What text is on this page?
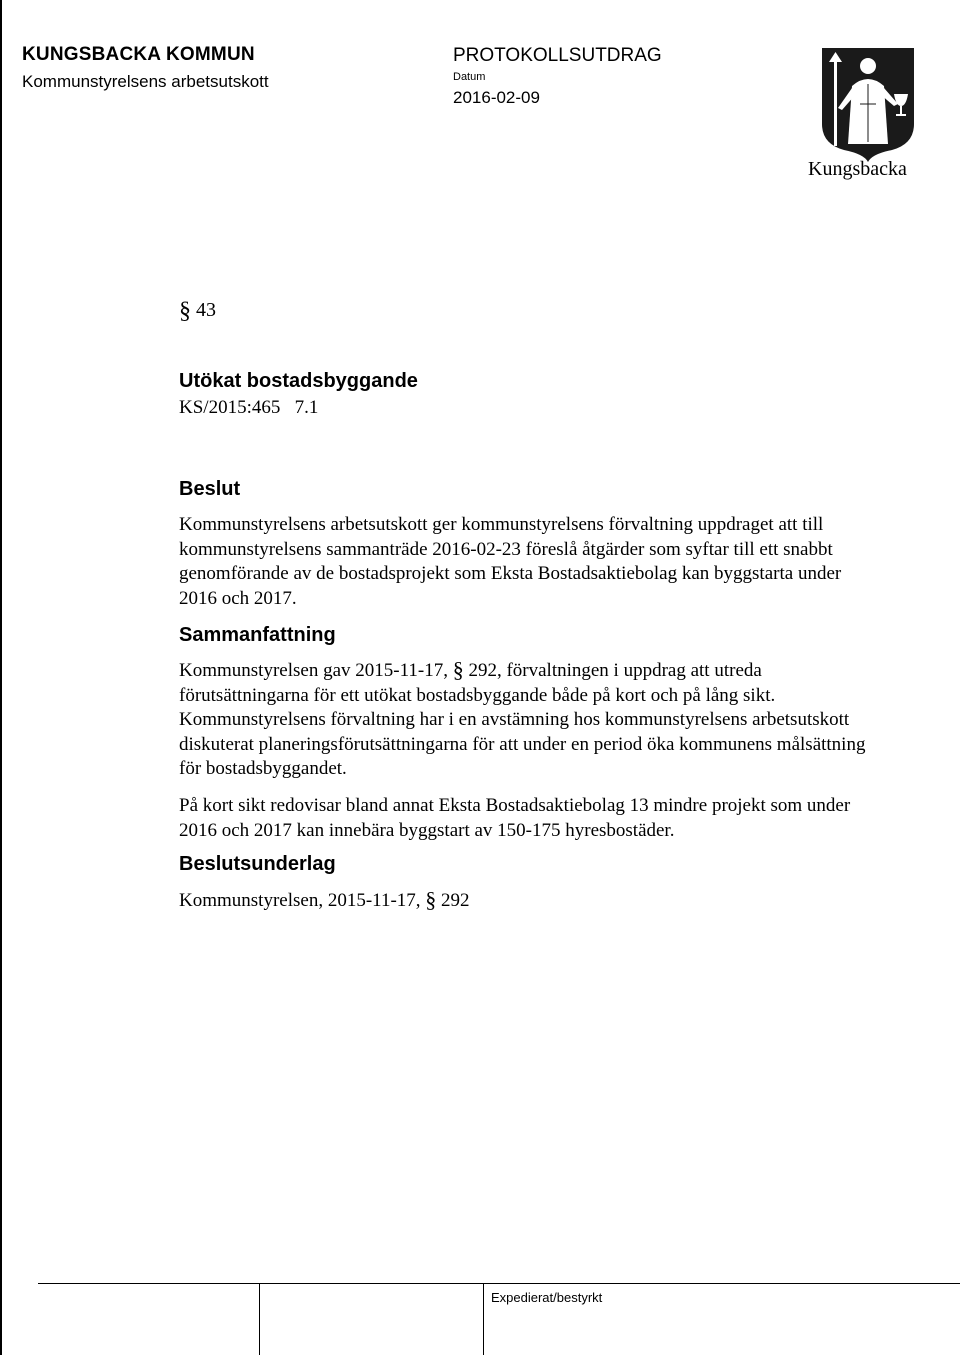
KUNGSBACKA KOMMUN
Kommunstyrelsens arbetsutskott
PROTOKOLLSUTDRAG
Datum
2016-02-09
Kungsbacka
§ 43
Utökat bostadsbyggande
KS/2015:465   7.1
Beslut
Kommunstyrelsens arbetsutskott ger kommunstyrelsens förvaltning uppdraget att till kommunstyrelsens sammanträde 2016-02-23 föreslå åtgärder som syftar till ett snabbt genomförande av de bostadsprojekt som Eksta Bostadsaktiebolag kan byggstarta under 2016 och 2017.
Sammanfattning
Kommunstyrelsen gav 2015-11-17, § 292, förvaltningen i uppdrag att utreda förutsättningarna för ett utökat bostadsbyggande både på kort och på lång sikt. Kommunstyrelsens förvaltning har i en avstämning hos kommunstyrelsens arbetsutskott diskuterat planeringsförutsättningarna för att under en period öka kommunens målsättning för bostadsbyggandet.
På kort sikt redovisar bland annat Eksta Bostadsaktiebolag 13 mindre projekt som under 2016 och 2017 kan innebära byggstart av 150-175 hyresbostäder.
Beslutsunderlag
Kommunstyrelsen, 2015-11-17, § 292
Expedierat/bestyrkt
